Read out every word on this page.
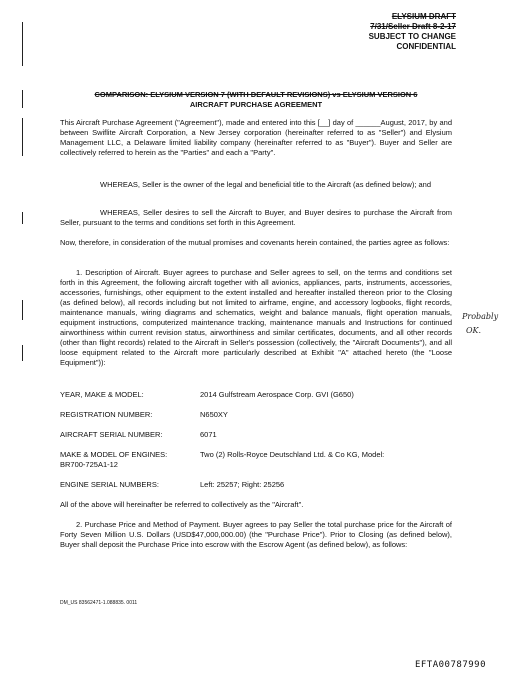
ELYSIUM DRAFT
7/31/Seller Draft 8-2-17
SUBJECT TO CHANGE
CONFIDENTIAL
COMPARISON: ELYSIUM VERSION 7 (WITH DEFAULT REVISIONS) vs ELYSIUM VERSION 6
AIRCRAFT PURCHASE AGREEMENT
This Aircraft Purchase Agreement ("Agreement"), made and entered into this [__] day of ______August, 2017, by and between Swiflite Aircraft Corporation, a New Jersey corporation (hereinafter referred to as "Seller") and Elysium Management LLC, a Delaware limited liability company (hereinafter referred to as "Buyer"). Buyer and Seller are collectively referred to herein as the "Parties" and each a "Party".
WHEREAS, Seller is the owner of the legal and beneficial title to the Aircraft (as defined below); and
WHEREAS, Seller desires to sell the Aircraft to Buyer, and Buyer desires to purchase the Aircraft from Seller, pursuant to the terms and conditions set forth in this Agreement.
Now, therefore, in consideration of the mutual promises and covenants herein contained, the parties agree as follows:
1. Description of Aircraft. Buyer agrees to purchase and Seller agrees to sell, on the terms and conditions set forth in this Agreement, the following aircraft together with all avionics, appliances, parts, instruments, accessories, accessories, furnishings, other equipment to the extent installed and hereafter installed thereon prior to the Closing (as defined below), all records including but not limited to airframe, engine, and accessory logbooks, flight records, maintenance manuals, wiring diagrams and schematics, weight and balance manuals, flight operation manuals, equipment instructions, computerized maintenance tracking, maintenance manuals and Instructions for continued airworthiness within current revision status, airworthiness and similar certificates, documents, and all other records (other than flight records) related to the Aircraft in Seller's possession (collectively, the "Aircraft Documents"), and all loose equipment related to the Aircraft more particularly described at Exhibit "A" attached hereto (the "Loose Equipment")):
YEAR, MAKE & MODEL:	2014 Gulfstream Aerospace Corp. GVI (G650)
REGISTRATION NUMBER:	N650XY
AIRCRAFT SERIAL NUMBER:	6071
MAKE & MODEL OF ENGINES:	Two (2) Rolls-Royce Deutschland Ltd. & Co KG, Model:
BR700-725A1-12
ENGINE SERIAL NUMBERS:	Left: 25257; Right: 25256
All of the above will hereinafter be referred to collectively as the "Aircraft".
2. Purchase Price and Method of Payment. Buyer agrees to pay Seller the total purchase price for the Aircraft of Forty Seven Million U.S. Dollars (USD$47,000,000.00) (the "Purchase Price"). Prior to Closing (as defined below), Buyer shall deposit the Purchase Price into escrow with the Escrow Agent (as defined below), as follows:
Probably
OK.
DM_US 83562471-1.088835. 0011
EFTA00787990
